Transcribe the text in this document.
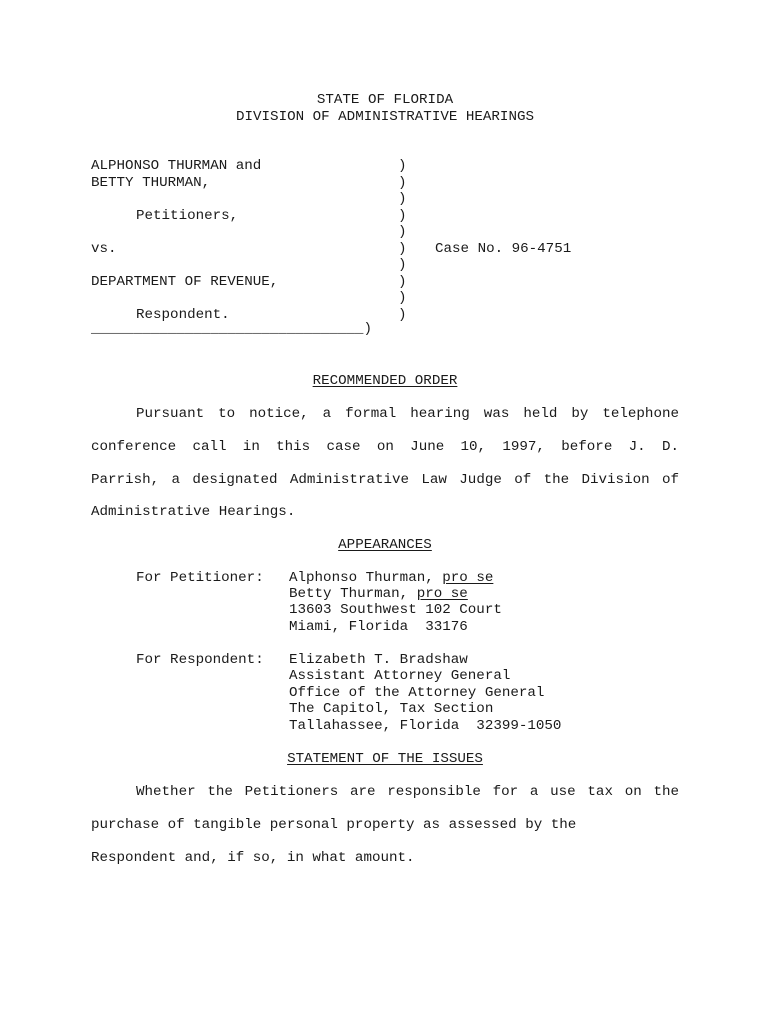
STATE OF FLORIDA
DIVISION OF ADMINISTRATIVE HEARINGS
ALPHONSO THURMAN and
BETTY THURMAN,
Petitioners,
vs.
DEPARTMENT OF REVENUE,
Respondent.
________________________________)
Case No. 96-4751
)
)
)
)
)
)
)
)
)
)
RECOMMENDED ORDER
Pursuant to notice, a formal hearing was held by telephone
conference call in this case on June 10, 1997, before J. D.
Parrish, a designated Administrative Law Judge of the Division of
Administrative Hearings.
APPEARANCES
For Petitioner: Alphonso Thurman, pro se
Betty Thurman, pro se
13603 Southwest 102 Court
Miami, Florida  33176
For Respondent: Elizabeth T. Bradshaw
Assistant Attorney General
Office of the Attorney General
The Capitol, Tax Section
Tallahassee, Florida  32399-1050
STATEMENT OF THE ISSUES
Whether the Petitioners are responsible for a use tax on the
purchase of tangible personal property as assessed by the
Respondent and, if so, in what amount.
